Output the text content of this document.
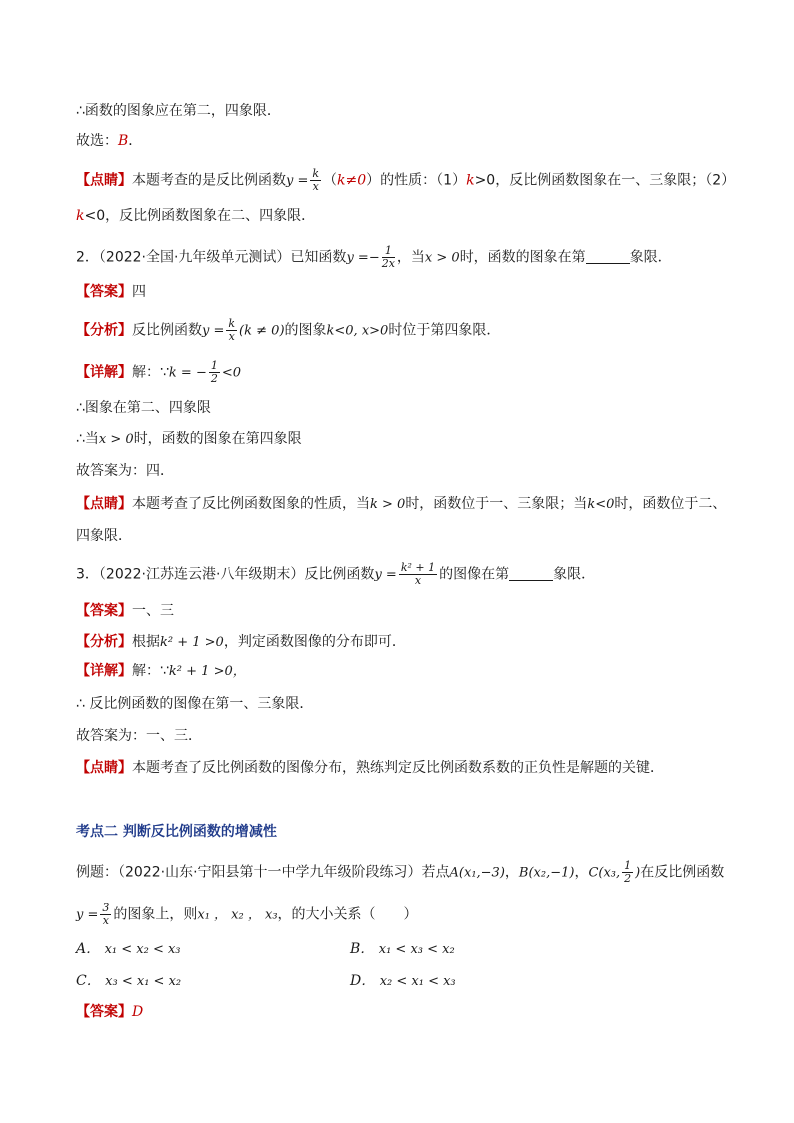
∴函数的图象应在第二，四象限．
故选：B．
【点睛】本题考查的是反比例函数$y = \frac{k}{x} (k\ne 0)$的性质：（1）k>0，反比例函数图象在一、三象限；（2）
k<0，反比例函数图象在二、四象限．
2．（2022·全国·九年级单元测试）已知函数$y =- \frac{1}{2x}$ ，当x > 0时，函数的图象在第	象限．
【答案】四
【分析】反比例函数$y = \frac{k}{x} (k \ne 0)$的图象k<0, x>0时位于第四象限．
【详解】解：∵k = − $\frac{1}{2} <0$
∴图象在第二、四象限
∴当x > 0时，函数的图象在第四象限
故答案为：四．
【点睛】本题考查了反比例函数图象的性质，当k > 0时，函数位于一、三象限；当k<0时，函数位于二、
四象限．
3．（2022·江苏连云港·八年级期末）反比例函数$y = \frac{\text{k² + 1}}{x}$ 的图像在第	象限．
【答案】一、三
【分析】根据k² + 1 >0，判定函数图像的分布即可．
【详解】解：∵k² + 1 >0，
∴ 反比例函数的图像在第一、三象限．
故答案为：一、三．
【点睛】本题考查了反比例函数的图像分布，熟练判定反比例函数系数的正负性是解题的关键．
考点二 判断反比例函数的增减性
例题：（2022·山东·宁阳县第十一中学九年级阶段练习）若点A(x₁,−3)，B(x₂,−1)，C(x₃, $\frac{1}{2}$ )在反比例函数
$y = \frac{3}{x}$ 的图象上，则x₁ ， x₂ ， x₃，的大小关系（　　）
A． x₁ < x₂ < x₃	B． x₁ < x₃ < x₂
C． x₃ < x₁ < x₂	D． x₂ < x₁ < x₃
【答案】D
